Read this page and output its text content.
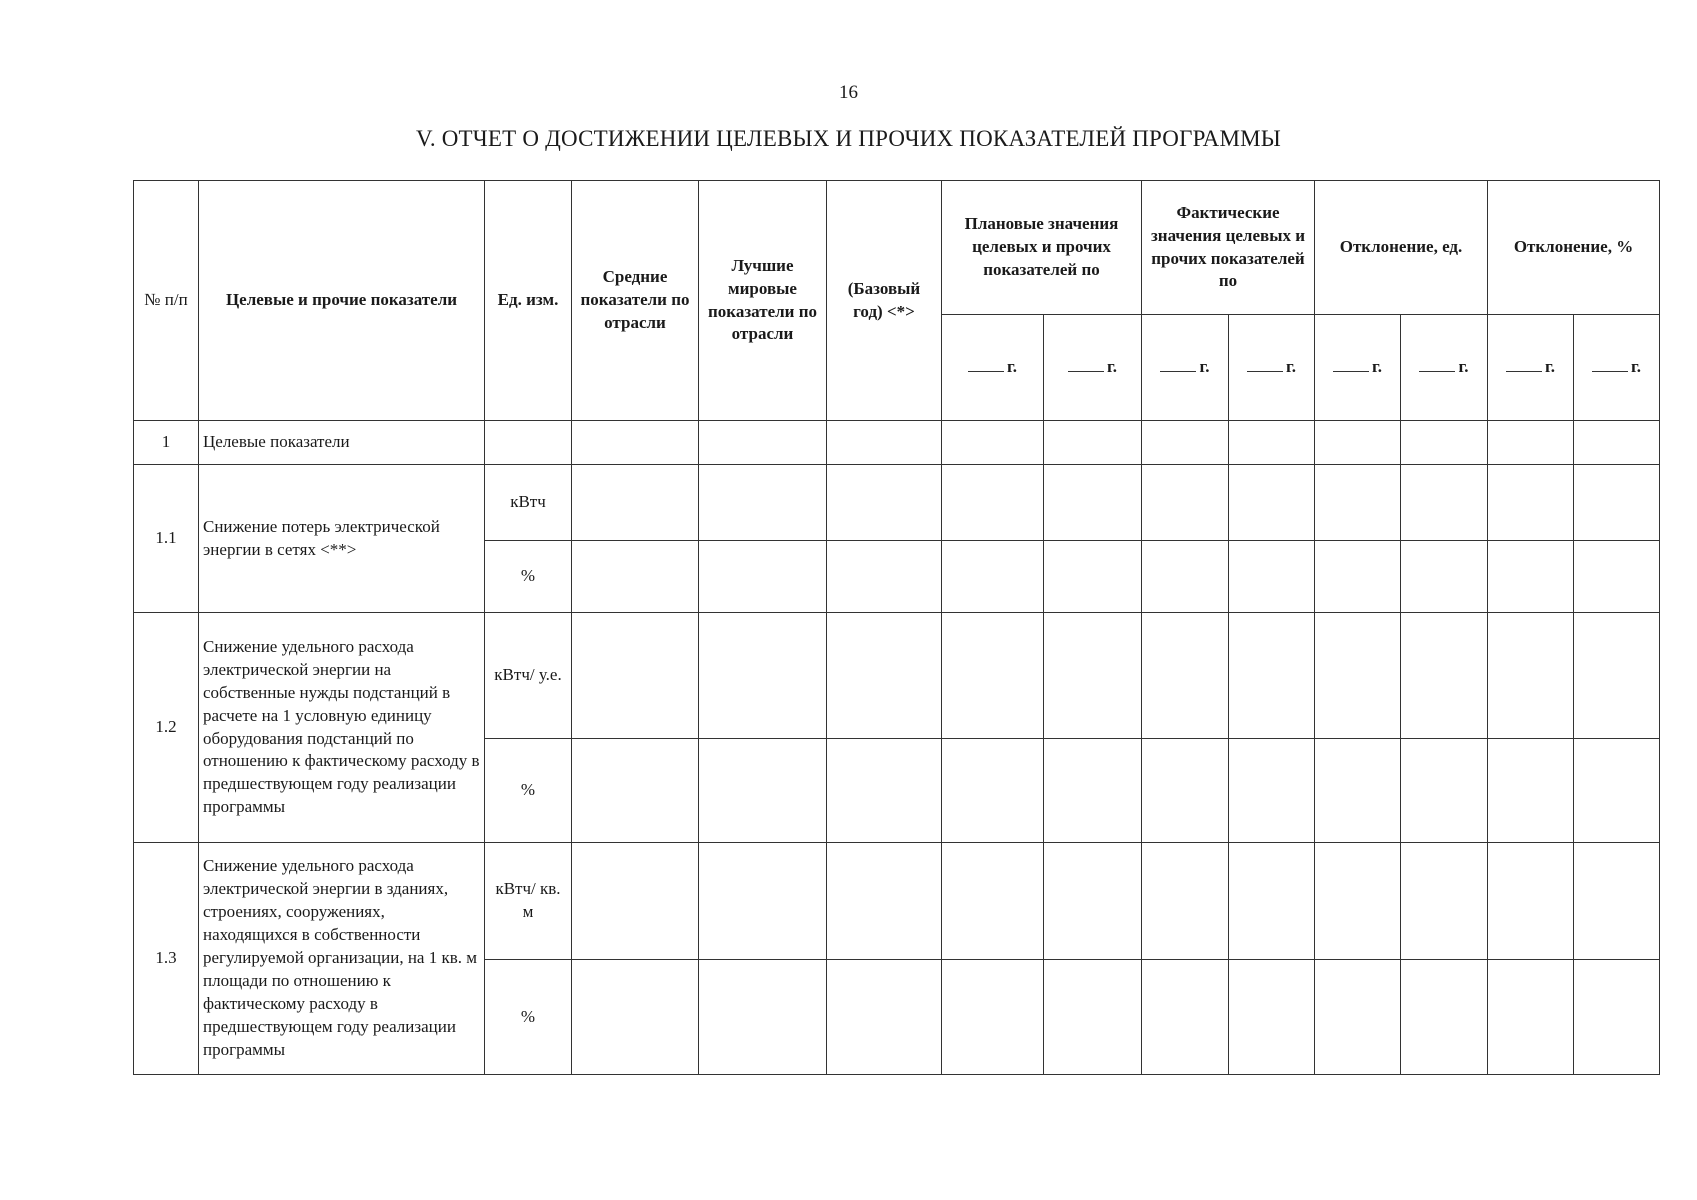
16
V. ОТЧЕТ О ДОСТИЖЕНИИ ЦЕЛЕВЫХ И ПРОЧИХ ПОКАЗАТЕЛЕЙ ПРОГРАММЫ
№ п/п	Целевые и прочие показатели	Ед. изм.	Средние показатели по отрасли	Лучшие мировые показатели по отрасли	(Базовый год) <*>	Плановые значения целевых и прочих показателей по		Фактические значения целевых и прочих показателей по		Отклонение, ед.		Отклонение, %	
						г.	г.	г.	г.	г.	г.	г.	г.
1	Целевые показатели												
1.1	Снижение потерь электрической энергии в сетях <**>	кВтч											
		%											
1.2	Снижение удельного расхода электрической энергии на собственные нужды подстанций в расчете на 1 условную единицу оборудования подстанций по отношению к фактическому расходу в предшествующем году реализации программы	кВтч/ у.е.											
		%											
1.3	Снижение удельного расхода электрической энергии в зданиях, строениях, сооружениях, находящихся в собственности регулируемой организации, на 1 кв. м площади по отношению к фактическому расходу в предшествующем году реализации программы	кВтч/ кв. м											
		%											
